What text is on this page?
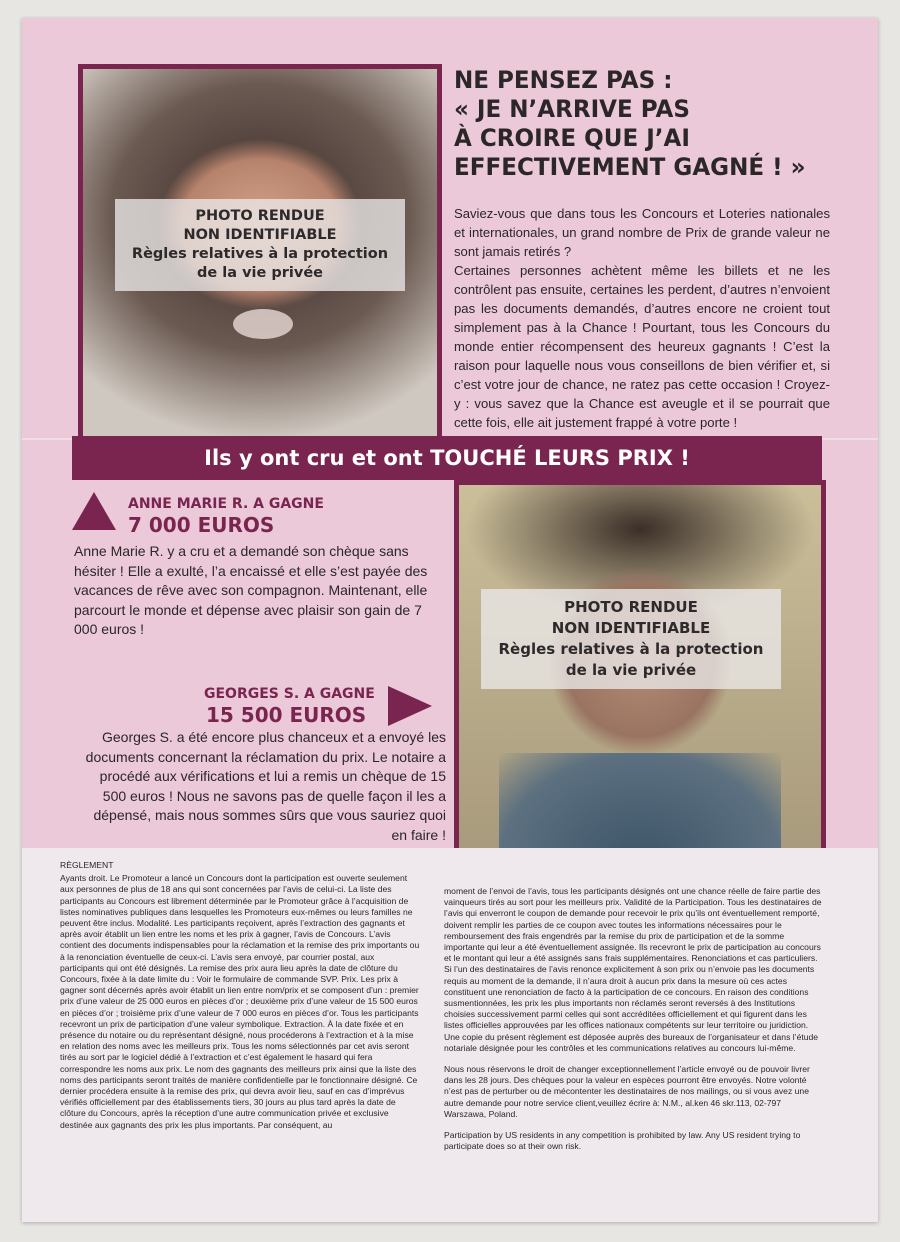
PHOTO RENDUE
NON IDENTIFIABLE
Règles relatives à la protection
de la vie privée
NE PENSEZ PAS :
« JE N’ARRIVE PAS
À CROIRE QUE J’AI
EFFECTIVEMENT GAGNÉ ! »

Saviez-vous que dans tous les Concours et Loteries nationales et internationales, un grand nombre de Prix de grande valeur ne sont jamais retirés ?

Certaines personnes achètent même les billets et ne les contrôlent pas ensuite, certaines les perdent, d’autres n’envoient pas les documents demandés, d’autres encore ne croient tout simplement pas à la Chance ! Pourtant, tous les Concours du monde entier récompensent des heureux gagnants ! C’est la raison pour laquelle nous vous conseillons de bien vérifier et, si c’est votre jour de chance, ne ratez pas cette occasion ! Croyez-y : vous savez que la Chance est aveugle et il se pourrait que cette fois, elle ait justement frappé à votre porte !

Ils y ont cru et ont TOUCHÉ LEURS PRIX !

ANNE MARIE R. A GAGNE

7 000 EUROS

Anne Marie R. y a cru et a demandé son chèque sans hésiter ! Elle a exulté, l’a encaissé et elle s’est payée des vacances de rêve avec son compagnon. Maintenant, elle parcourt le monde et dépense avec plaisir son gain de 7 000 euros !

GEORGES S. A GAGNE

15 500 EUROS

Georges S. a été encore plus chanceux et a envoyé les documents concernant la réclamation du prix. Le notaire a procédé aux vérifications et lui a remis un chèque de 15 500 euros ! Nous ne savons pas de quelle façon il les a dépensé, mais nous sommes sûrs que vous sauriez quoi en faire !

PHOTO RENDUE
NON IDENTIFIABLE
Règles relatives à la protection
de la vie privée

RÈGLEMENT

Ayants droit. Le Promoteur a lancé un Concours dont la participation est ouverte seulement aux personnes de plus de 18 ans qui sont concernées par l’avis de celui-ci. La liste des participants au Concours est librement déterminée par le Promoteur grâce à l’acquisition de listes nominatives publiques dans lesquelles les Promoteurs eux-mêmes ou leurs familles ne peuvent être inclus. Modalité. Les participants reçoivent, après l’extraction des gagnants et après avoir établit un lien entre les noms et les prix à gagner, l’avis de Concours. L’avis contient des documents indispensables pour la réclamation et la remise des prix importants ou à la renonciation éventuelle de ceux-ci. L’avis sera envoyé, par courrier postal, aux participants qui ont été désignés. La remise des prix aura lieu après la date de clôture du Concours, fixée à la date limite du : Voir le formulaire de commande SVP. Prix. Les prix à gagner sont décernés après avoir établit un lien entre nom/prix et se composent d’un : premier prix d’une valeur de 25 000 euros en pièces d’or ; deuxième prix d’une valeur de 15 500 euros en pièces d’or ; troisième prix d’une valeur de 7 000 euros en pièces d’or. Tous les participants recevront un prix de participation d’une valeur symbolique. Extraction. À la date fixée et en présence du notaire ou du représentant désigné, nous procéderons à l’extraction et à la mise en relation des noms avec les meilleurs prix. Tous les noms sélectionnés par cet avis seront tirés au sort par le logiciel dédié à l’extraction et c’est également le hasard qui fera correspondre les noms aux prix. Le nom des gagnants des meilleurs prix ainsi que la liste des noms des participants seront traités de manière confidentielle par le fonctionnaire désigné. Ce dernier procédera ensuite à la remise des prix, qui devra avoir lieu, sauf en cas d’imprévus vérifiés officiellement par des établissements tiers, 30 jours au plus tard après la date de clôture du Concours, après la réception d’une autre communication privée et exclusive destinée aux gagnants des prix les plus importants. Par conséquent, au

moment de l’envoi de l’avis, tous les participants désignés ont une chance réelle de faire partie des vainqueurs tirés au sort pour les meilleurs prix. Validité de la Participation. Tous les destinataires de l’avis qui enverront le coupon de demande pour recevoir le prix qu’ils ont éventuellement remporté, doivent remplir les parties de ce coupon avec toutes les informations nécessaires pour le remboursement des frais engendrés par la remise du prix de participation et de la somme importante qui leur a été éventuellement assignée. Ils recevront le prix de participation au concours et le montant qui leur a été assignés sans frais supplémentaires. Renonciations et cas particuliers. Si l’un des destinataires de l’avis renonce explicitement à son prix ou n’envoie pas les documents requis au moment de la demande, il n’aura droit à aucun prix dans la mesure où ces actes constituent une renonciation de facto à la participation de ce concours. En raison des conditions susmentionnées, les prix les plus importants non réclamés seront reversés à des Institutions choisies successivement parmi celles qui sont accréditées officiellement et qui figurent dans les listes officielles approuvées par les offices nationaux compétents sur leur territoire ou juridiction. Une copie du présent règlement est déposée auprès des bureaux de l’organisateur et dans l’étude notariale désignée pour les contrôles et les communications relatives au concours lui-même.

Nous nous réservons le droit de changer exceptionnellement l’article envoyé ou de pouvoir livrer dans les 28 jours. Des chèques pour la valeur en espèces pourront être envoyés. Notre volonté n’est pas de perturber ou de mécontenter les destinataires de nos mailings, ou si vous avez une autre demande pour notre service client,veuillez écrire à: N.M., al.ken 46 skr.113, 02-797 Warszawa, Poland.

Participation by US residents in any competition is prohibited by law. Any US resident trying to participate does so at their own risk.
